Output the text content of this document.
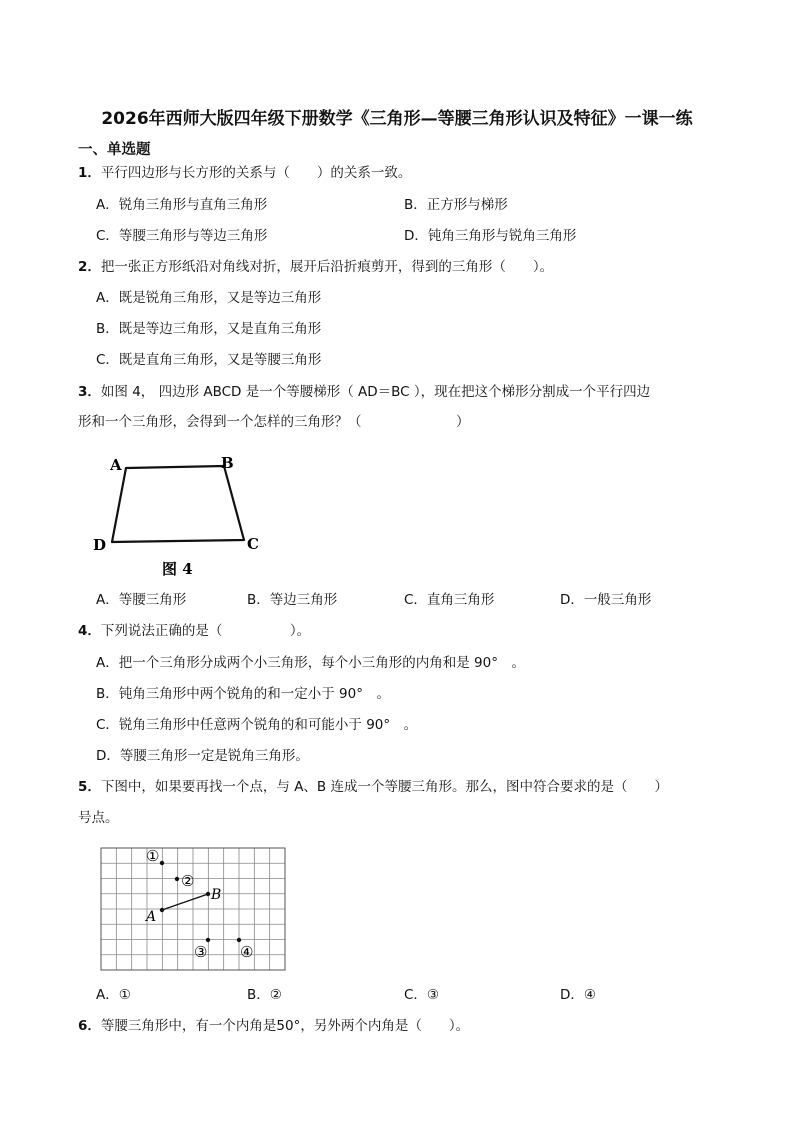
2026年西师大版四年级下册数学《三角形—等腰三角形认识及特征》一课一练
一、单选题
1．平行四边形与长方形的关系与（　　）的关系一致。
A．锐角三角形与直角三角形	B．正方形与梯形
C．等腰三角形与等边三角形	D．钝角三角形与锐角三角形
2．把一张正方形纸沿对角线对折，展开后沿折痕剪开，得到的三角形（　　）。
A．既是锐角三角形，又是等边三角形
B．既是等边三角形，又是直角三角形
C．既是直角三角形，又是等腰三角形
3．如图 4， 四边形 ABCD 是一个等腰梯形（ AD＝BC ），现在把这个梯形分割成一个平行四边
形和一个三角形，会得到一个怎样的三角形？（　　　　　　　）
A	B
C
D
图 4
A．等腰三角形	B．等边三角形	C．直角三角形	D．一般三角形
4．下列说法正确的是（　　　　　）。
A．把一个三角形分成两个小三角形，每个小三角形的内角和是 90°　。
B．钝角三角形中两个锐角的和一定小于 90°　。
C．锐角三角形中任意两个锐角的和可能小于 90°　。
D．等腰三角形一定是锐角三角形。
5．下图中，如果要再找一个点，与 A、B 连成一个等腰三角形。那么，图中符合要求的是（　　）
号点。
①
②
B
A
③ ④
A．①	B．②	C．③	D．④
6．等腰三角形中，有一个内角是50°，另外两个内角是（　　）。
